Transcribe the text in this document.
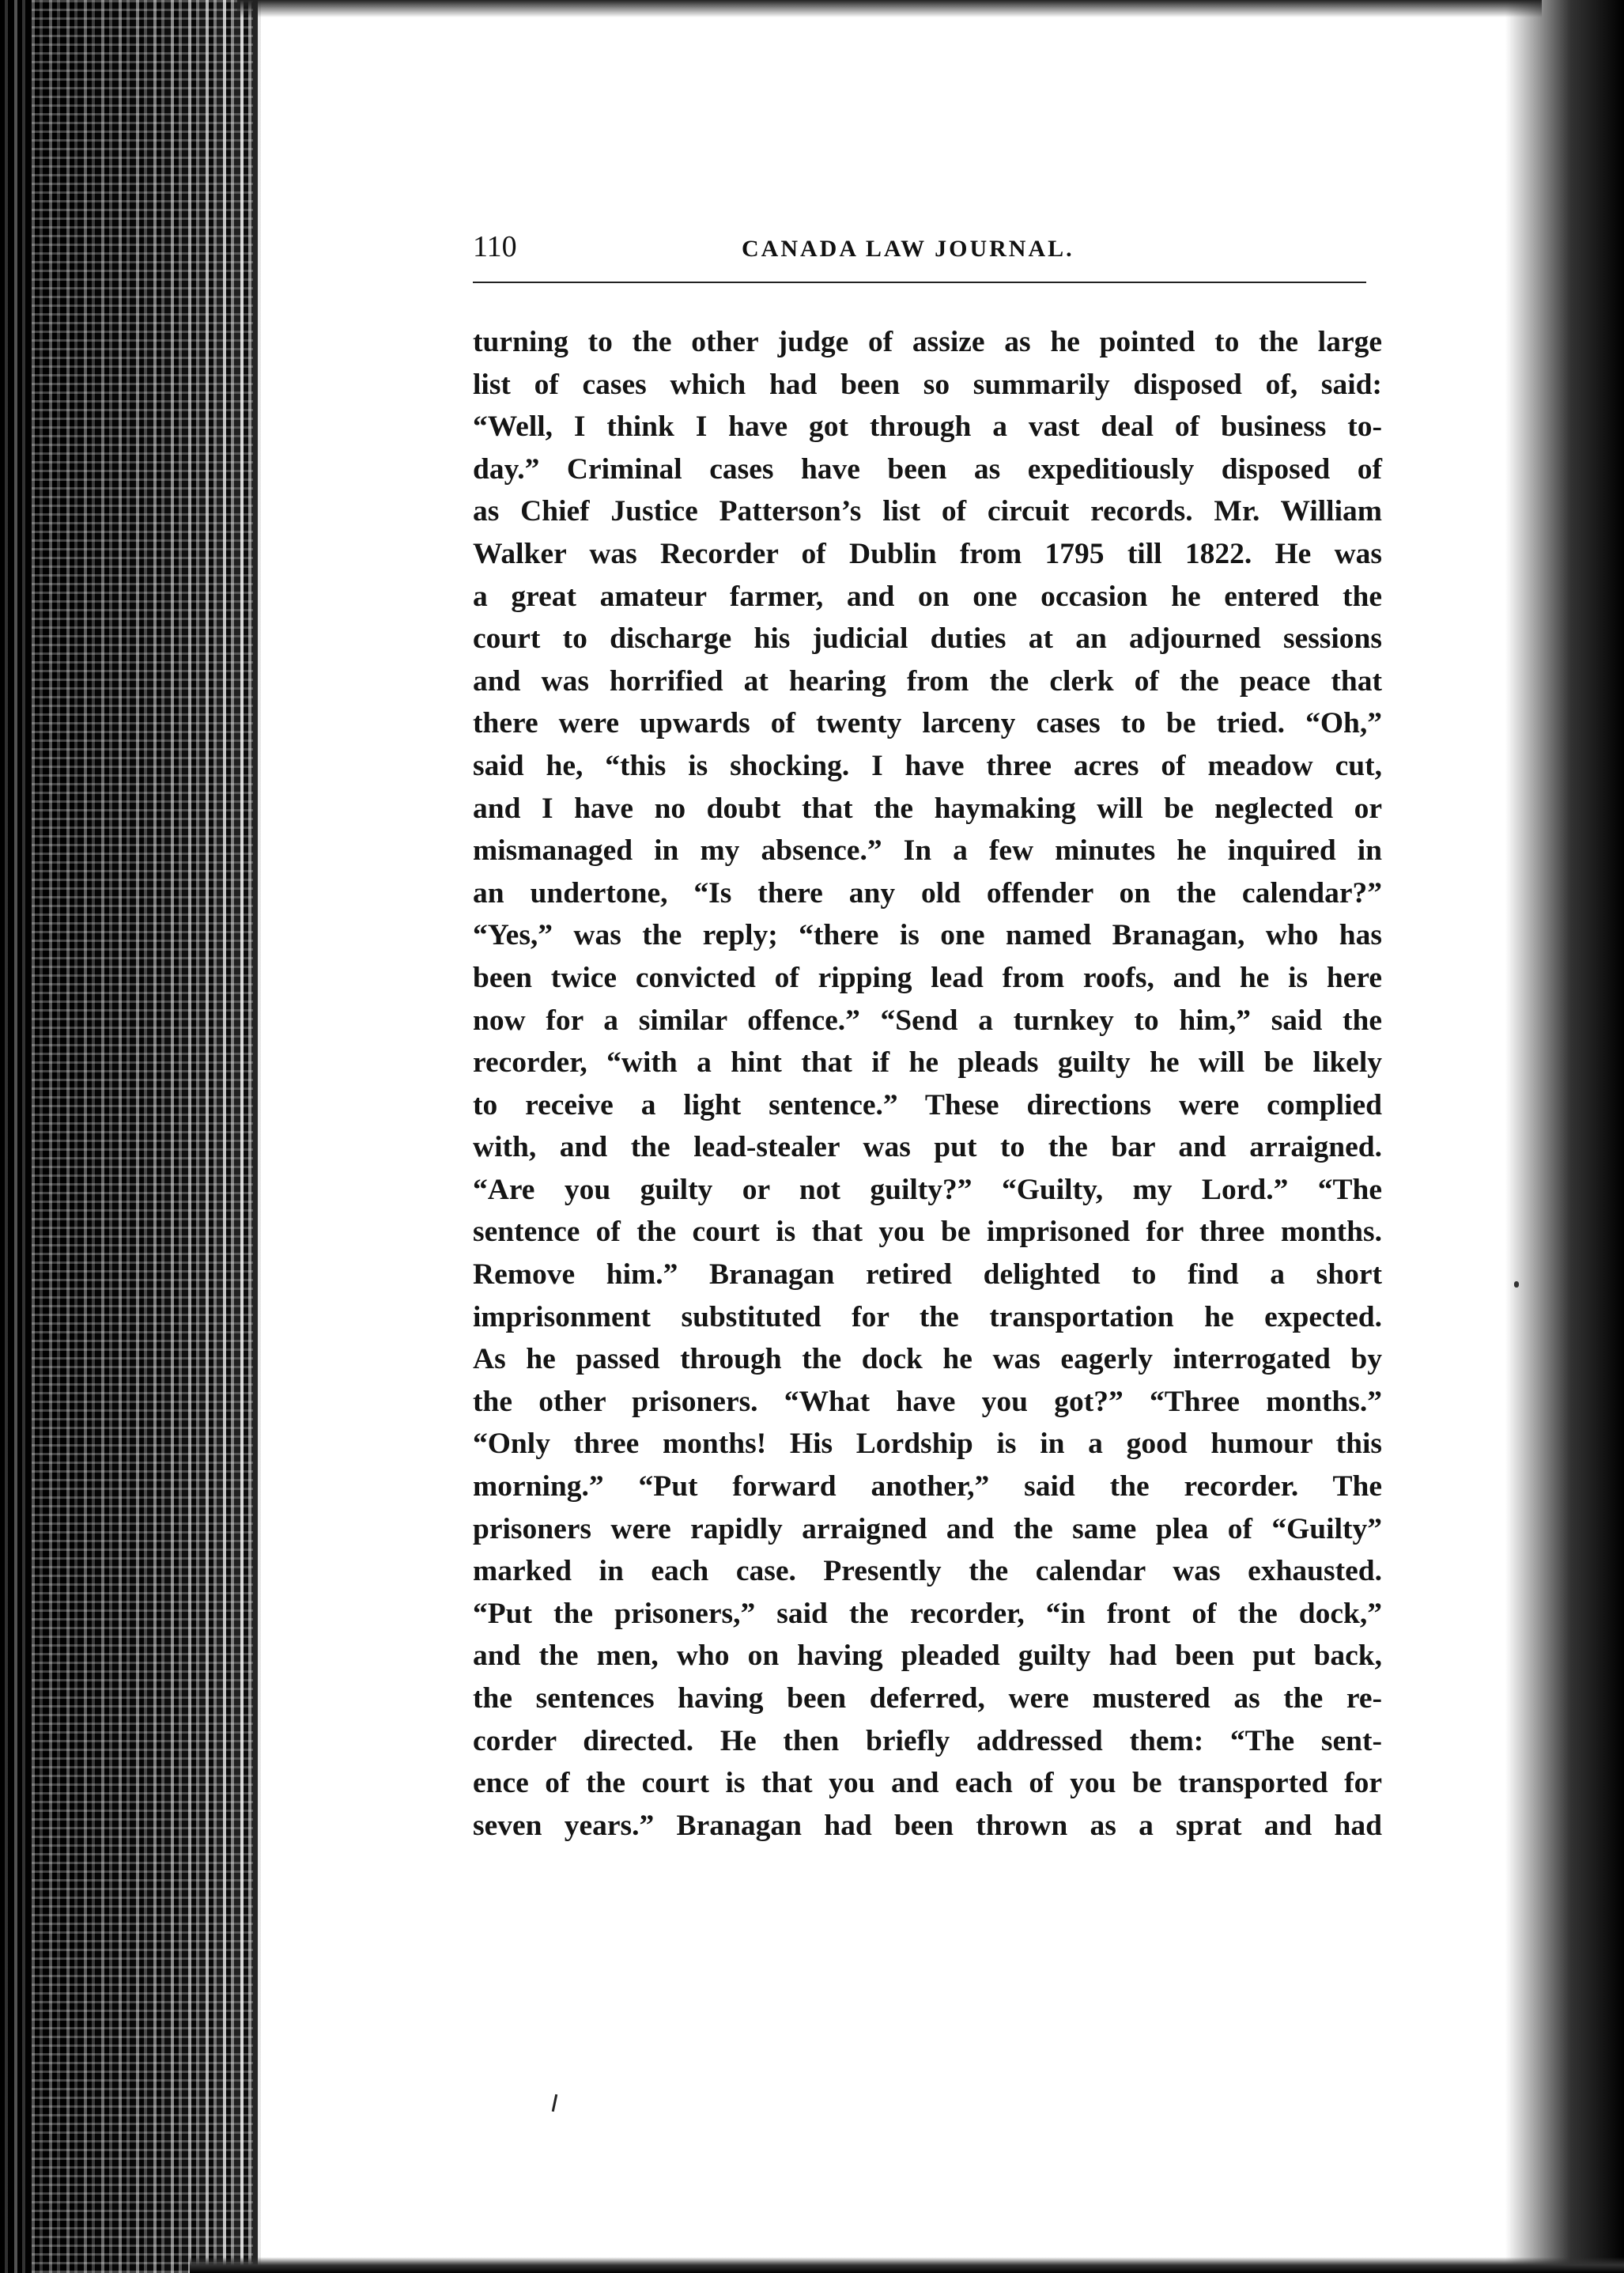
110	CANADA LAW JOURNAL.
turning to the other judge of assize as he pointed to the large
list of cases which had been so summarily disposed of, said:
“Well, I think I have got through a vast deal of business to-
day.” Criminal cases have been as expeditiously disposed of
as Chief Justice Patterson’s list of circuit records. Mr. William
Walker was Recorder of Dublin from 1795 till 1822. He was
a great amateur farmer, and on one occasion he entered the
court to discharge his judicial duties at an adjourned sessions
and was horrified at hearing from the clerk of the peace that
there were upwards of twenty larceny cases to be tried. “Oh,”
said he, “this is shocking. I have three acres of meadow cut,
and I have no doubt that the haymaking will be neglected or
mismanaged in my absence.” In a few minutes he inquired in
an undertone, “Is there any old offender on the calendar?”
“Yes,” was the reply; “there is one named Branagan, who has
been twice convicted of ripping lead from roofs, and he is here
now for a similar offence.” “Send a turnkey to him,” said the
recorder, “with a hint that if he pleads guilty he will be likely
to receive a light sentence.” These directions were complied
with, and the lead-stealer was put to the bar and arraigned.
“Are you guilty or not guilty?” “Guilty, my Lord.” “The
sentence of the court is that you be imprisoned for three months.
Remove him.” Branagan retired delighted to find a short
imprisonment substituted for the transportation he expected.
As he passed through the dock he was eagerly interrogated by
the other prisoners. “What have you got?” “Three months.”
“Only three months! His Lordship is in a good humour this
morning.” “Put forward another,” said the recorder. The
prisoners were rapidly arraigned and the same plea of “Guilty”
marked in each case. Presently the calendar was exhausted.
“Put the prisoners,” said the recorder, “in front of the dock,”
and the men, who on having pleaded guilty had been put back,
the sentences having been deferred, were mustered as the re-
corder directed. He then briefly addressed them: “The sent-
ence of the court is that you and each of you be transported for
seven years.” Branagan had been thrown as a sprat and had
